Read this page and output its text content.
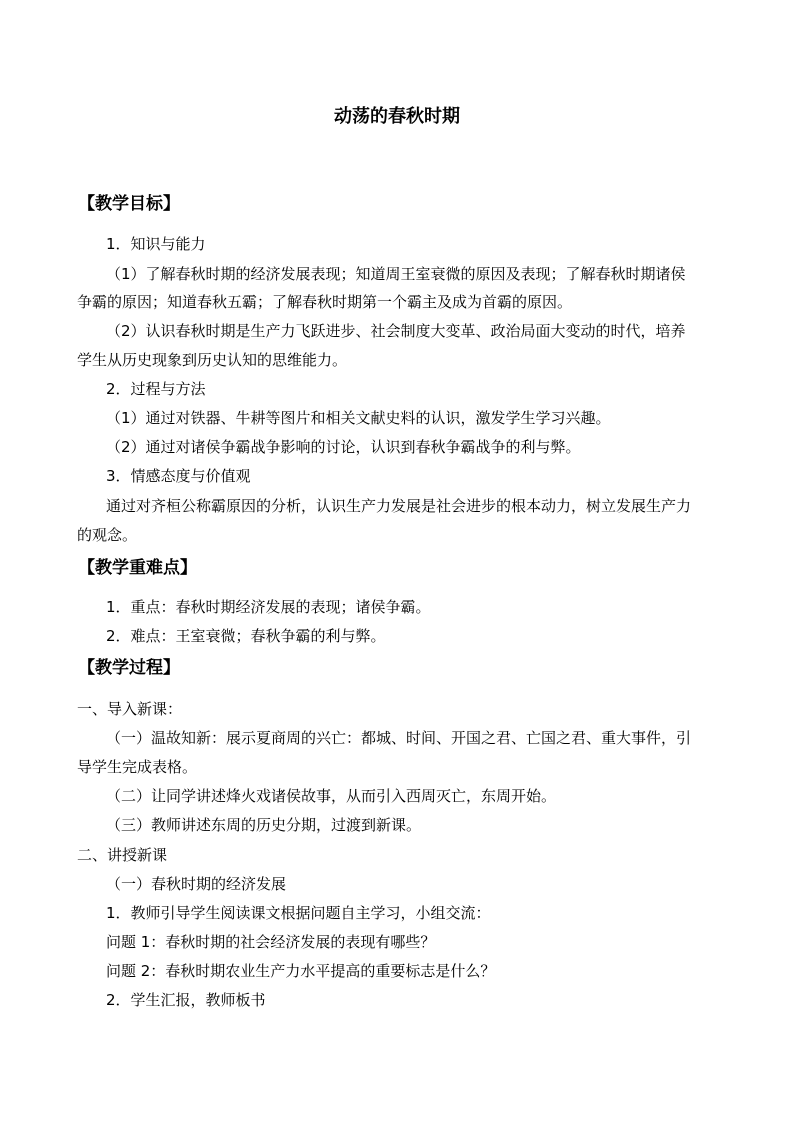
动荡的春秋时期
【教学目标】
1．知识与能力
（1）了解春秋时期的经济发展表现；知道周王室衰微的原因及表现；了解春秋时期诸侯
争霸的原因；知道春秋五霸；了解春秋时期第一个霸主及成为首霸的原因。
（2）认识春秋时期是生产力飞跃进步、社会制度大变革、政治局面大变动的时代，培养
学生从历史现象到历史认知的思维能力。
2．过程与方法
（1）通过对铁器、牛耕等图片和相关文献史料的认识，激发学生学习兴趣。
（2）通过对诸侯争霸战争影响的讨论，认识到春秋争霸战争的利与弊。
3．情感态度与价值观
通过对齐桓公称霸原因的分析，认识生产力发展是社会进步的根本动力，树立发展生产力
的观念。
【教学重难点】
1．重点：春秋时期经济发展的表现；诸侯争霸。
2．难点：王室衰微；春秋争霸的利与弊。
【教学过程】
一、导入新课：
（一）温故知新：展示夏商周的兴亡：都城、时间、开国之君、亡国之君、重大事件，引
导学生完成表格。
（二）让同学讲述烽火戏诸侯故事，从而引入西周灭亡，东周开始。
（三）教师讲述东周的历史分期，过渡到新课。
二、讲授新课
（一）春秋时期的经济发展
1．教师引导学生阅读课文根据问题自主学习，小组交流：
问题 1：春秋时期的社会经济发展的表现有哪些？
问题 2：春秋时期农业生产力水平提高的重要标志是什么？
2．学生汇报，教师板书
